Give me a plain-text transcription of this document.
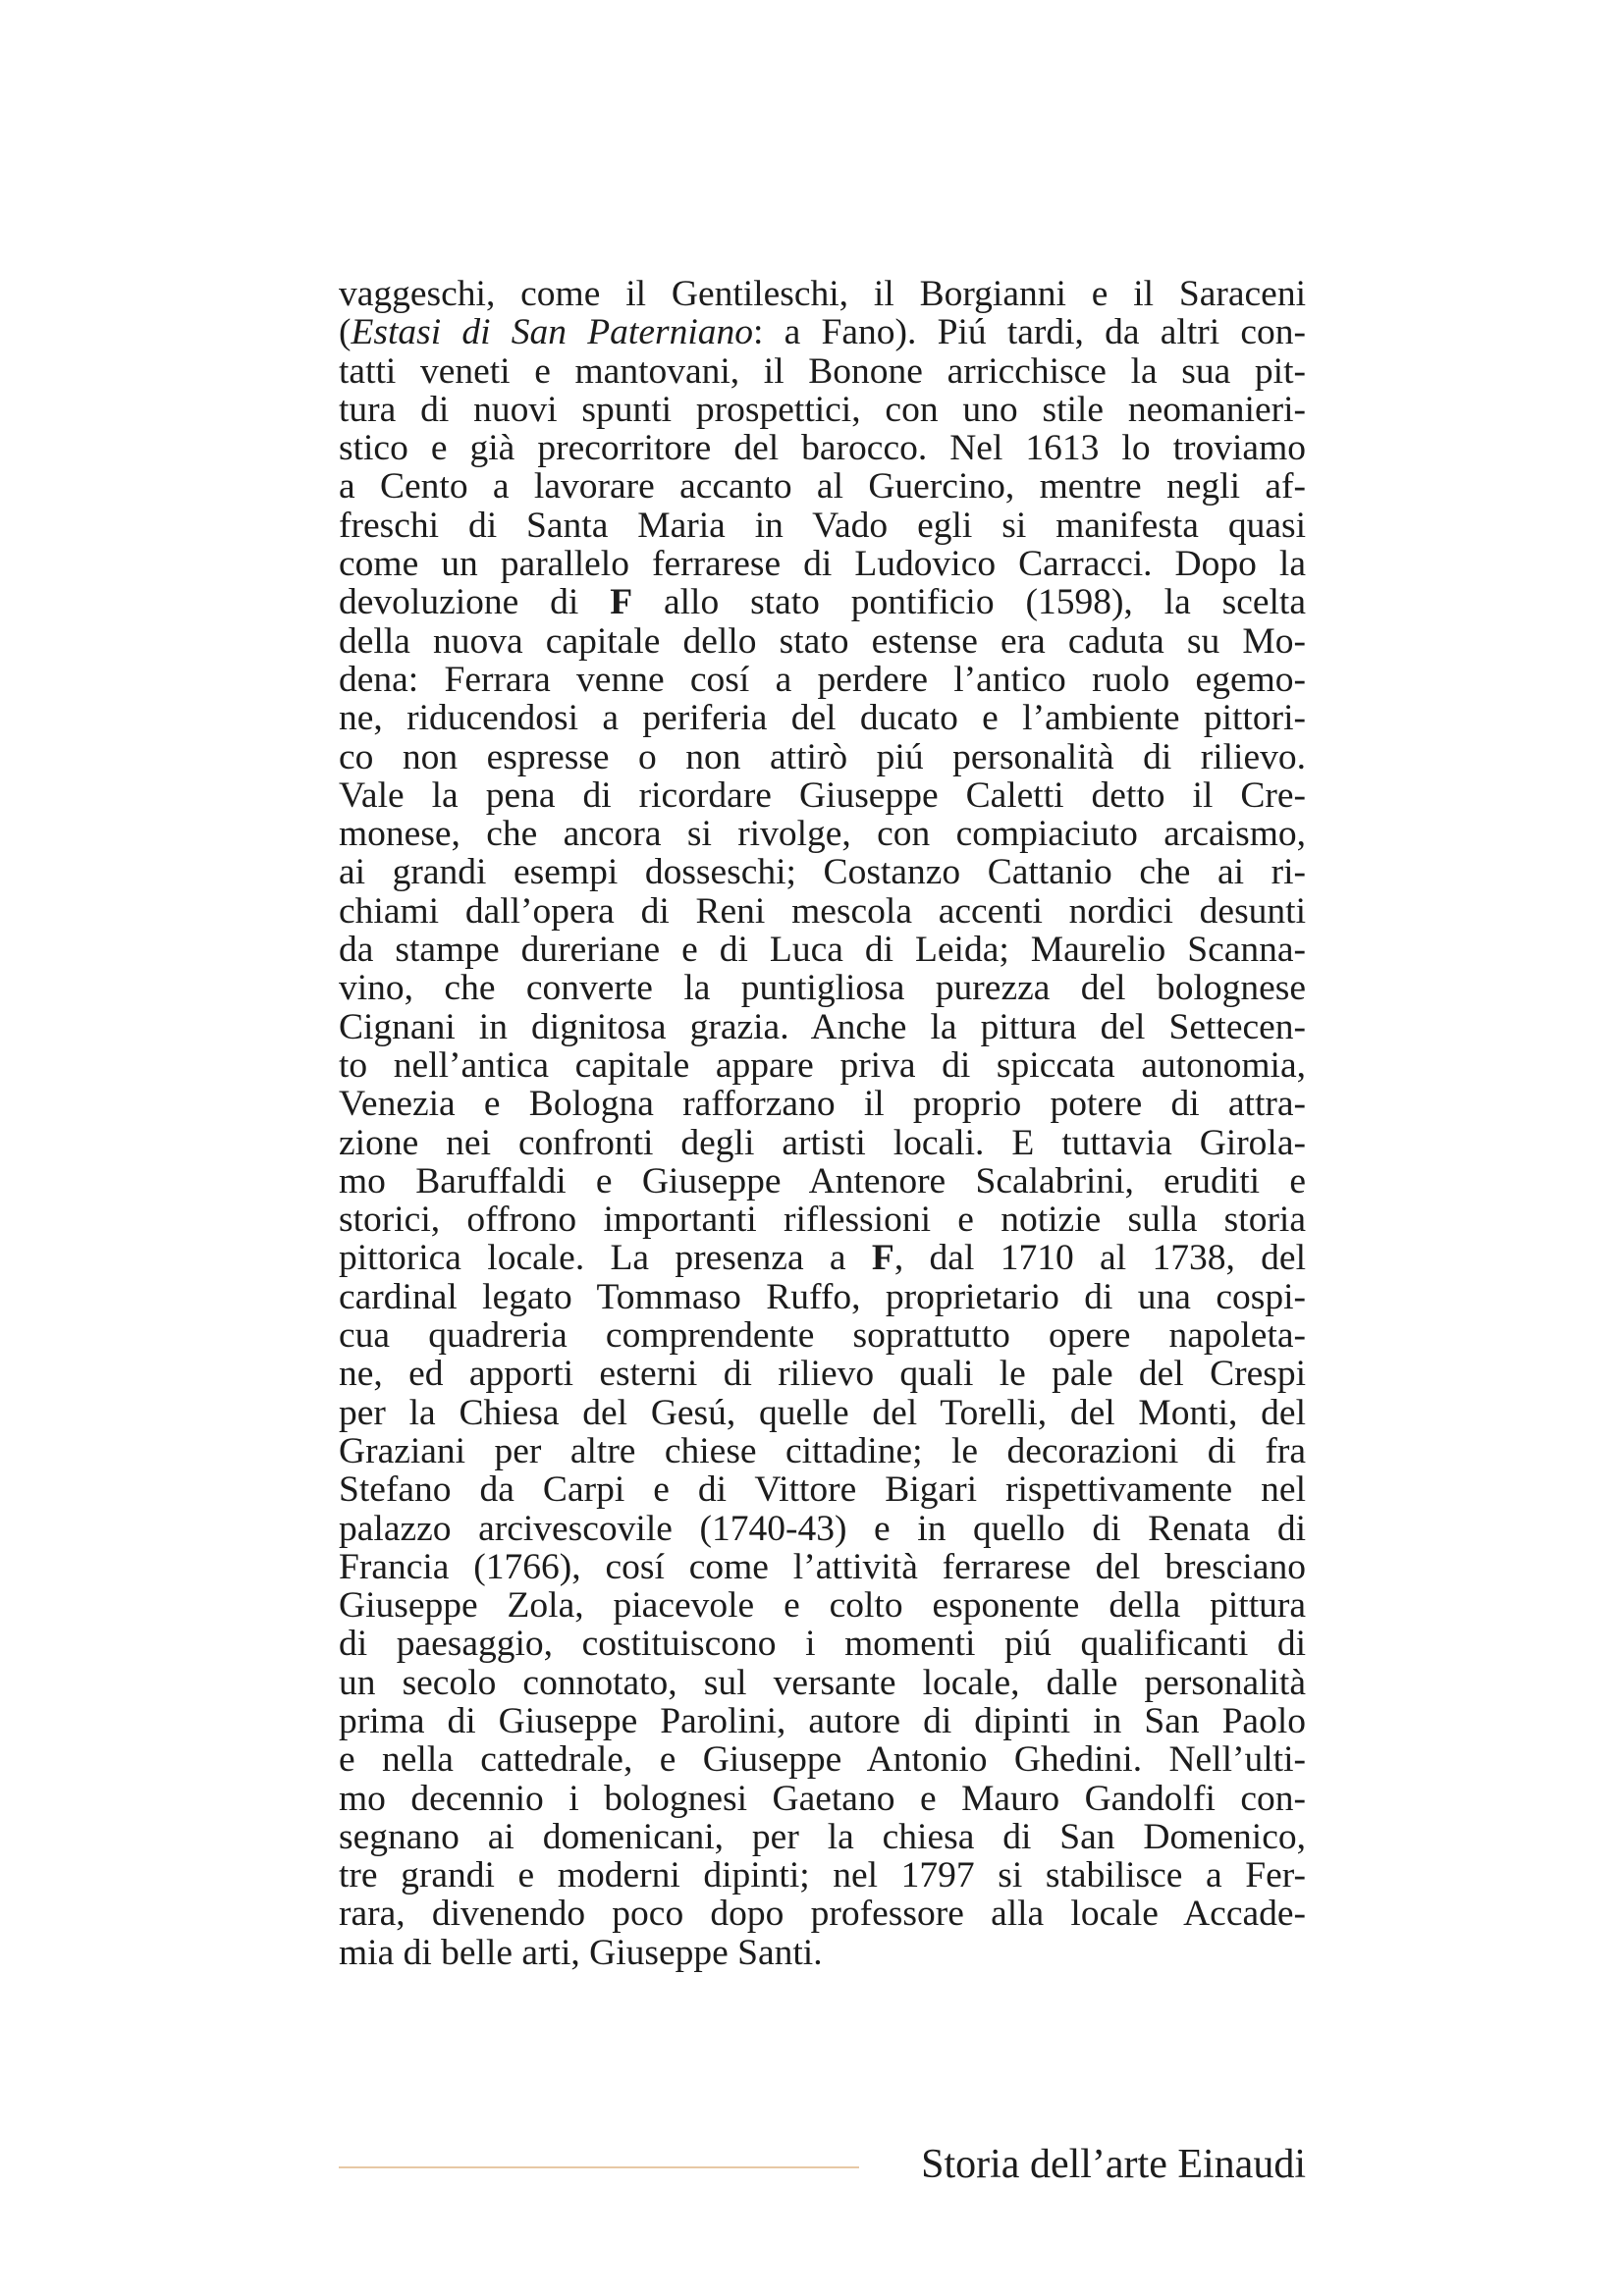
vaggeschi, come il Gentileschi, il Borgianni e il Saraceni
(Estasi di San Paterniano: a Fano). Piú tardi, da altri con-
tatti veneti e mantovani, il Bonone arricchisce la sua pit-
tura di nuovi spunti prospettici, con uno stile neomanieri-
stico e già precorritore del barocco. Nel 1613 lo troviamo
a Cento a lavorare accanto al Guercino, mentre negli af-
freschi di Santa Maria in Vado egli si manifesta quasi
come un parallelo ferrarese di Ludovico Carracci. Dopo la
devoluzione di F allo stato pontificio (1598), la scelta
della nuova capitale dello stato estense era caduta su Mo-
dena: Ferrara venne cosí a perdere l’antico ruolo egemo-
ne, riducendosi a periferia del ducato e l’ambiente pittori-
co non espresse o non attirò piú personalità di rilievo.
Vale la pena di ricordare Giuseppe Caletti detto il Cre-
monese, che ancora si rivolge, con compiaciuto arcaismo,
ai grandi esempi dosseschi; Costanzo Cattanio che ai ri-
chiami dall’opera di Reni mescola accenti nordici desunti
da stampe dureriane e di Luca di Leida; Maurelio Scanna-
vino, che converte la puntigliosa purezza del bolognese
Cignani in dignitosa grazia. Anche la pittura del Settecen-
to nell’antica capitale appare priva di spiccata autonomia,
Venezia e Bologna rafforzano il proprio potere di attra-
zione nei confronti degli artisti locali. E tuttavia Girola-
mo Baruffaldi e Giuseppe Antenore Scalabrini, eruditi e
storici, offrono importanti riflessioni e notizie sulla storia
pittorica locale. La presenza a F, dal 1710 al 1738, del
cardinal legato Tommaso Ruffo, proprietario di una cospi-
cua quadreria comprendente soprattutto opere napoleta-
ne, ed apporti esterni di rilievo quali le pale del Crespi
per la Chiesa del Gesú, quelle del Torelli, del Monti, del
Graziani per altre chiese cittadine; le decorazioni di fra
Stefano da Carpi e di Vittore Bigari rispettivamente nel
palazzo arcivescovile (1740-43) e in quello di Renata di
Francia (1766), cosí come l’attività ferrarese del bresciano
Giuseppe Zola, piacevole e colto esponente della pittura
di paesaggio, costituiscono i momenti piú qualificanti di
un secolo connotato, sul versante locale, dalle personalità
prima di Giuseppe Parolini, autore di dipinti in San Paolo
e nella cattedrale, e Giuseppe Antonio Ghedini. Nell’ulti-
mo decennio i bolognesi Gaetano e Mauro Gandolfi con-
segnano ai domenicani, per la chiesa di San Domenico,
tre grandi e moderni dipinti; nel 1797 si stabilisce a Fer-
rara, divenendo poco dopo professore alla locale Accade-
mia di belle arti, Giuseppe Santi.
Storia dell’arte Einaudi
